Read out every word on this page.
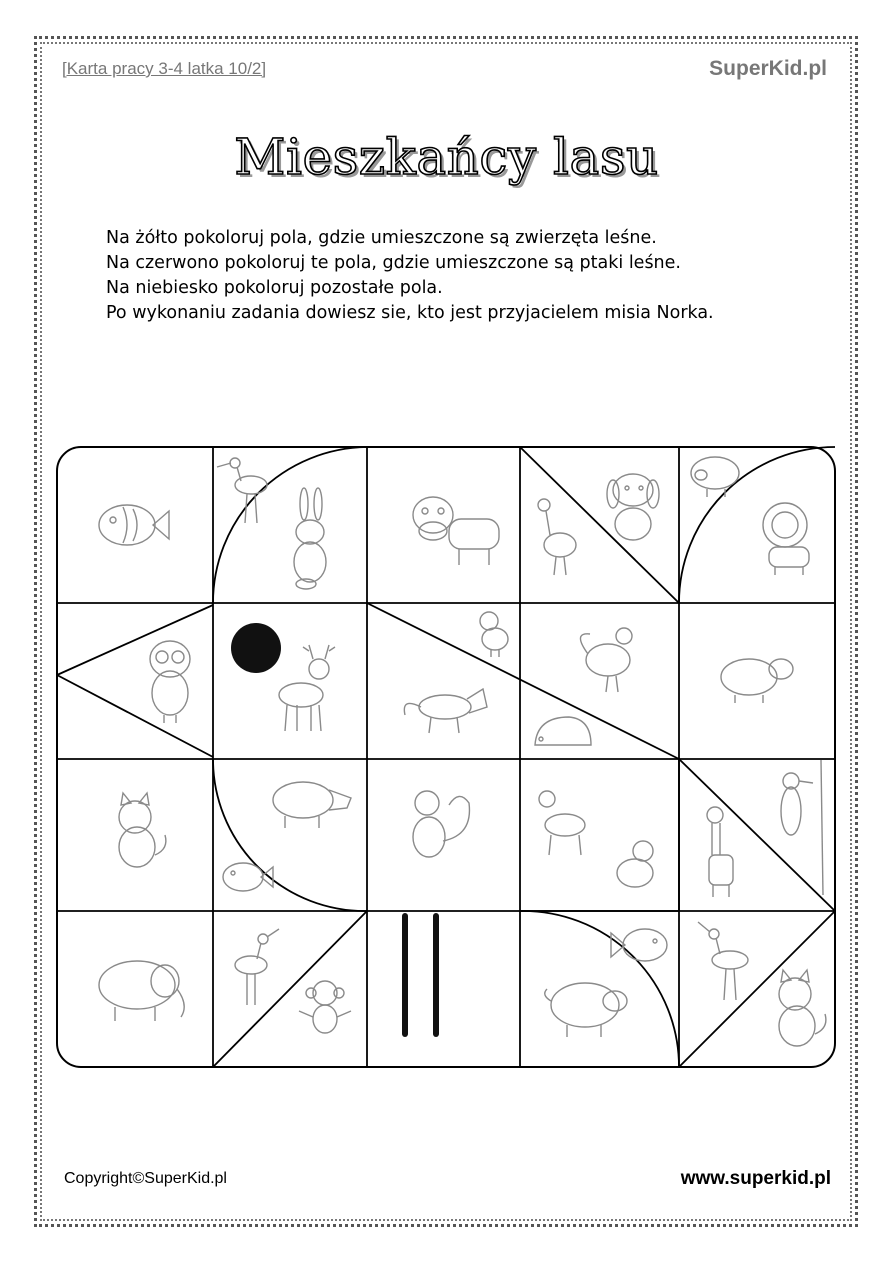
[Karta pracy 3-4 latka 10/2]	SuperKid.pl
Mieszkańcy lasu
Na żółto pokoloruj pola, gdzie umieszczone są zwierzęta leśne.
Na czerwono pokoloruj te pola, gdzie umieszczone są ptaki leśne.
Na niebiesko pokoloruj pozostałe pola.
Po wykonaniu zadania dowiesz sie, kto jest przyjacielem misia Norka.
Copyright©SuperKid.pl	www.superkid.pl
